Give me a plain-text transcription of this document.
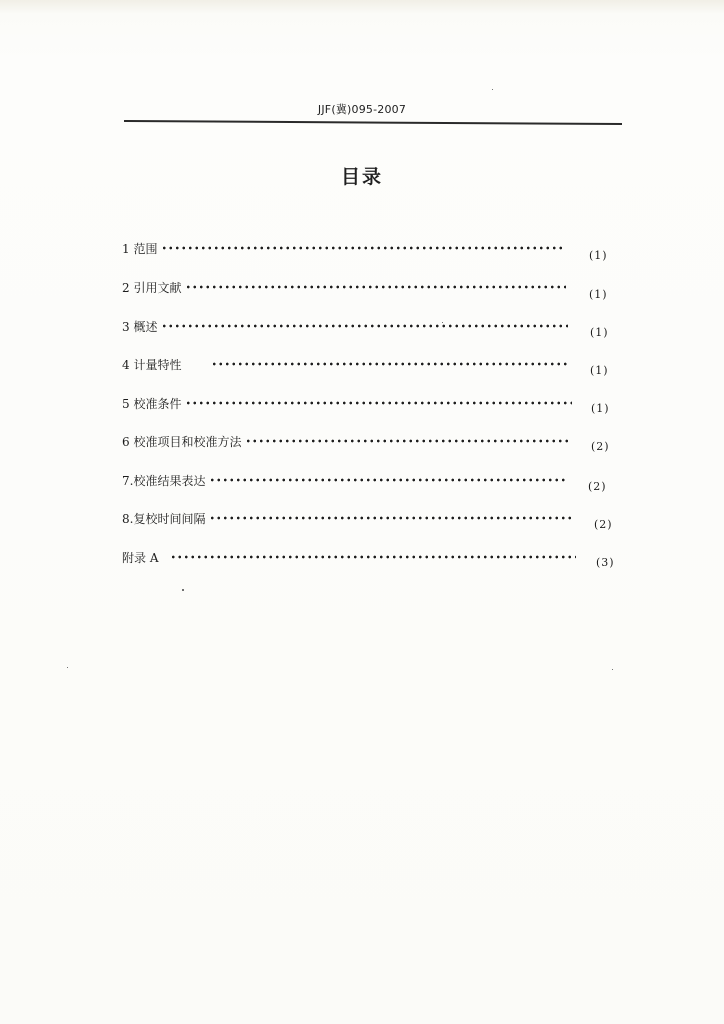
JJF(冀)095-2007
目录
1 范围	(1)
2 引用文献	(1)
3 概述	(1)
4 计量特性	(1)
5 校准条件	(1)
6 校准项目和校准方法	(2)
7.校准结果表达	(2)
8.复校时间间隔	(2)
附录 A	(3)
